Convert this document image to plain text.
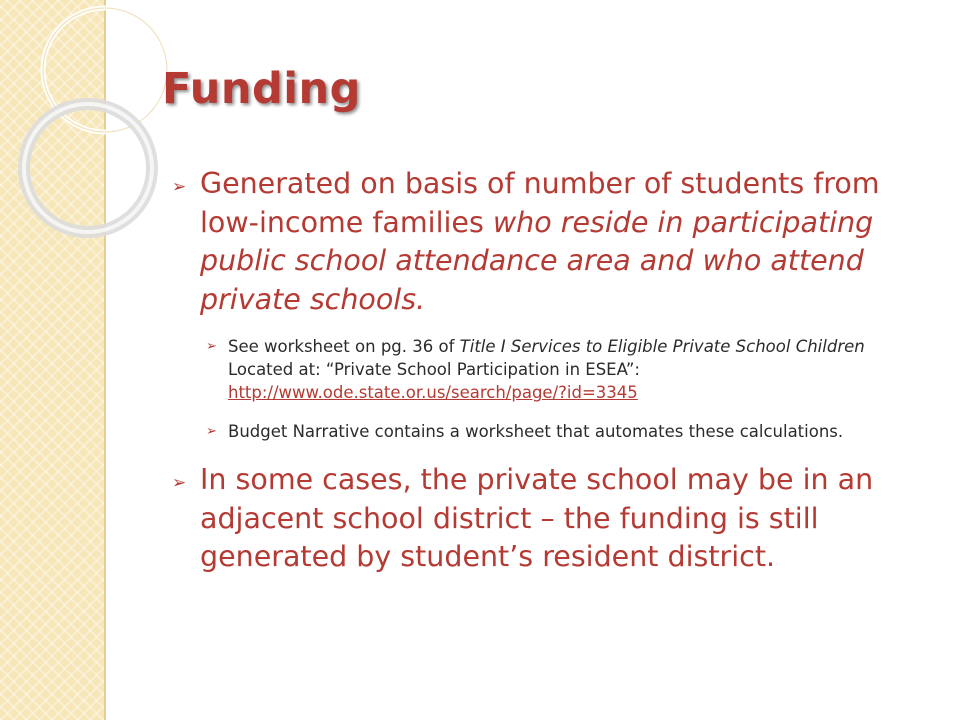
Funding
➢ Generated on basis of number of students from low-income families who reside in participating public school attendance area and who attend private schools.
➢ See worksheet on pg. 36 of Title I Services to Eligible Private School Children Located at: “Private School Participation in ESEA”:
http://www.ode.state.or.us/search/page/?id=3345
➢ Budget Narrative contains a worksheet that automates these calculations.
➢ In some cases, the private school may be in an adjacent school district – the funding is still generated by student’s resident district.
